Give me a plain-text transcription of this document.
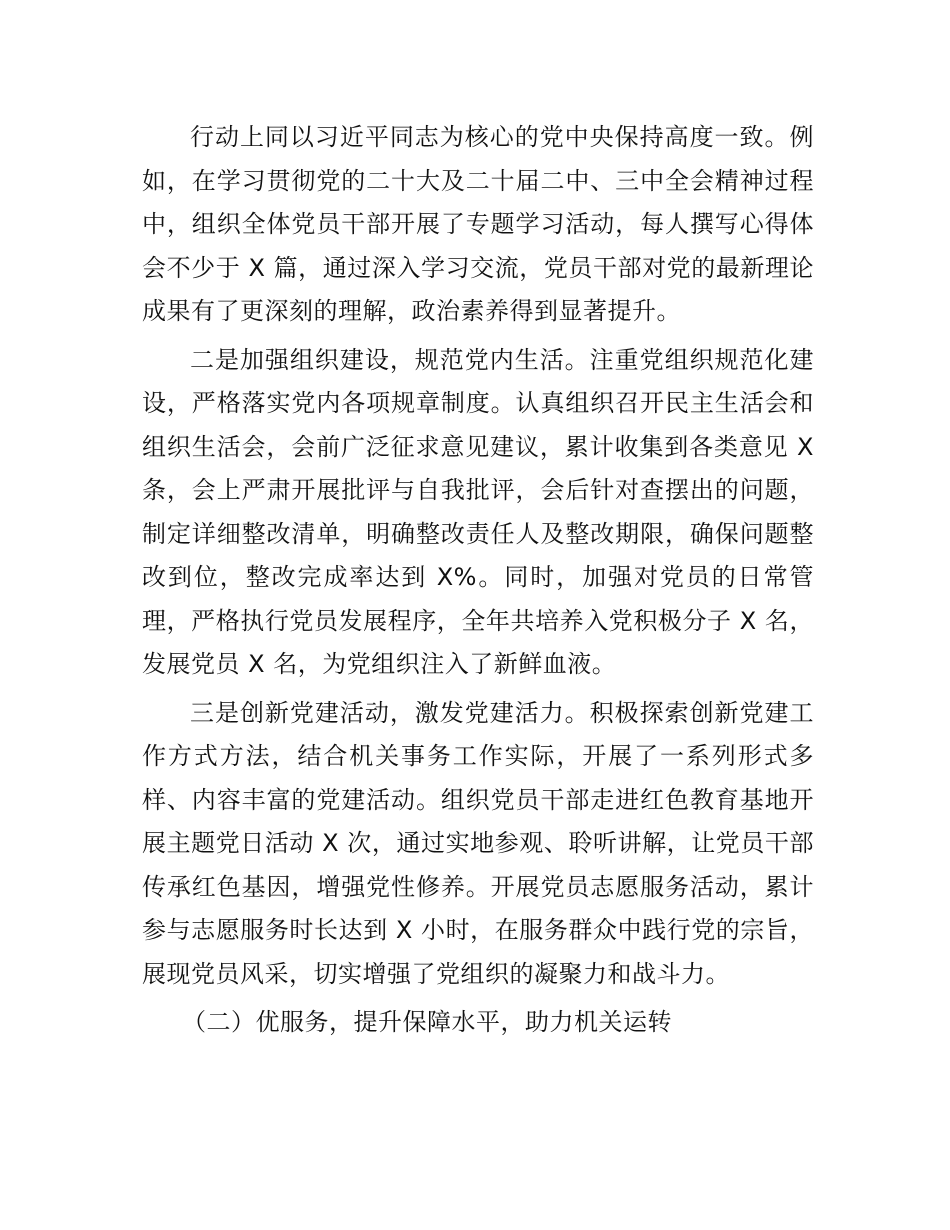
行动上同以习近平同志为核心的党中央保持高度一致。例如，在学习贯彻党的二十大及二十届二中、三中全会精神过程中，组织全体党员干部开展了专题学习活动，每人撰写心得体会不少于 X 篇，通过深入学习交流，党员干部对党的最新理论成果有了更深刻的理解，政治素养得到显著提升。

二是加强组织建设，规范党内生活。注重党组织规范化建设，严格落实党内各项规章制度。认真组织召开民主生活会和组织生活会，会前广泛征求意见建议，累计收集到各类意见 X 条，会上严肃开展批评与自我批评，会后针对查摆出的问题，制定详细整改清单，明确整改责任人及整改期限，确保问题整改到位，整改完成率达到 X%。同时，加强对党员的日常管理，严格执行党员发展程序，全年共培养入党积极分子 X 名，发展党员 X 名，为党组织注入了新鲜血液。

三是创新党建活动，激发党建活力。积极探索创新党建工作方式方法，结合机关事务工作实际，开展了一系列形式多样、内容丰富的党建活动。组织党员干部走进红色教育基地开展主题党日活动 X 次，通过实地参观、聆听讲解，让党员干部传承红色基因，增强党性修养。开展党员志愿服务活动，累计参与志愿服务时长达到 X 小时，在服务群众中践行党的宗旨，展现党员风采，切实增强了党组织的凝聚力和战斗力。

（二）优服务，提升保障水平，助力机关运转
